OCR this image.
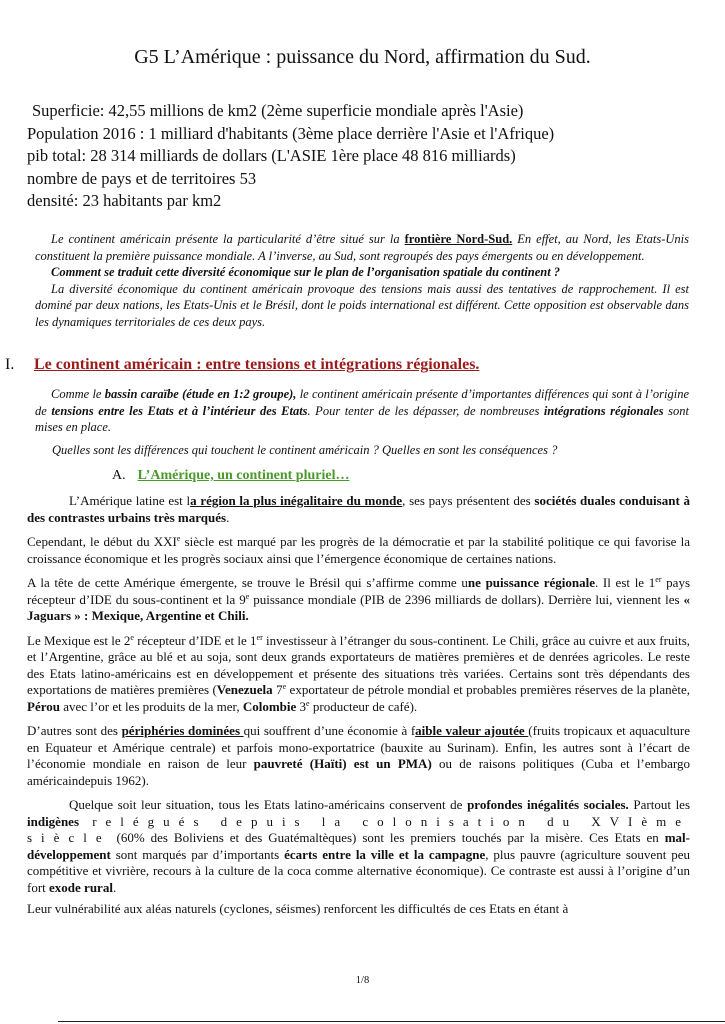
G5 L’Amérique : puissance du Nord, affirmation du Sud.
Superficie: 42,55 millions de km2 (2ème superficie mondiale après l'Asie)
Population 2016 : 1 milliard d'habitants (3ème place derrière l'Asie et l'Afrique)
pib total: 28 314 milliards de dollars (L'ASIE 1ère place 48 816 milliards)
nombre de pays et de territoires 53
densité: 23 habitants par km2

Le continent américain présente la particularité d’être situé sur la frontière Nord-Sud. En effet, au Nord, les Etats-Unis constituent la première puissance mondiale. A l’inverse, au Sud, sont regroupés des pays émergents ou en développement.

Comment se traduit cette diversité économique sur le plan de l’organisation spatiale du continent ?

La diversité économique du continent américain provoque des tensions mais aussi des tentatives de rapprochement. Il est dominé par deux nations, les Etats-Unis et le Brésil, dont le poids international est différent. Cette opposition est observable dans les dynamiques territoriales de ces deux pays.

I. Le continent américain : entre tensions et intégrations régionales.

Comme le bassin caraïbe (étude en 1:2 groupe), le continent américain présente d’importantes différences qui sont à l’origine de tensions entre les Etats et à l’intérieur des Etats. Pour tenter de les dépasser, de nombreuses intégrations régionales sont mises en place.

Quelles sont les différences qui touchent le continent américain ? Quelles en sont les conséquences ?
A. L’Amérique, un continent pluriel…

L’Amérique latine est la région la plus inégalitaire du monde, ses pays présentent des sociétés duales conduisant à des contrastes urbains très marqués.

Cependant, le début du XXIe siècle est marqué par les progrès de la démocratie et par la stabilité politique ce qui favorise la croissance économique et les progrès sociaux ainsi que l’émergence économique de certaines nations.

A la tête de cette Amérique émergente, se trouve le Brésil qui s’affirme comme une puissance régionale. Il est le 1er pays récepteur d’IDE du sous-continent et la 9e puissance mondiale (PIB de 2396 milliards de dollars). Derrière lui, viennent les « Jaguars » : Mexique, Argentine et Chili.

Le Mexique est le 2e récepteur d’IDE et le 1er investisseur à l’étranger du sous-continent. Le Chili, grâce au cuivre et aux fruits, et l’Argentine, grâce au blé et au soja, sont deux grands exportateurs de matières premières et de denrées agricoles. Le reste des Etats latino-américains est en développement et présente des situations très variées. Certains sont très dépendants des exportations de matières premières (Venezuela 7e exportateur de pétrole mondial et probables premières réserves de la planète, Pérou avec l’or et les produits de la mer, Colombie 3e producteur de café).

D’autres sont des périphéries dominées qui souffrent d’une économie à faible valeur ajoutée (fruits tropicaux et aquaculture en Equateur et Amérique centrale) et parfois mono-exportatrice (bauxite au Surinam). Enfin, les autres sont à l’écart de l’économie mondiale en raison de leur pauvreté (Haïti) est un PMA) ou de raisons politiques (Cuba et l’embargo américaindepuis 1962).

Quelque soit leur situation, tous les Etats latino-américains conservent de profondes inégalités sociales. Partout les indigènes relégués depuis la colonisation du XVIème siècle (60% des Boliviens et des Guatémaltèques) sont les premiers touchés par la misère. Ces Etats en mal- développement sont marqués par d’importants écarts entre la ville et la campagne, plus pauvre (agriculture souvent peu compétitive et vivrière, recours à la culture de la coca comme alternative économique). Ce contraste est aussi à l’origine d’un fort exode rural.

Leur vulnérabilité aux aléas naturels (cyclones, séismes) renforcent les difficultés de ces Etats en étant à

1/8
